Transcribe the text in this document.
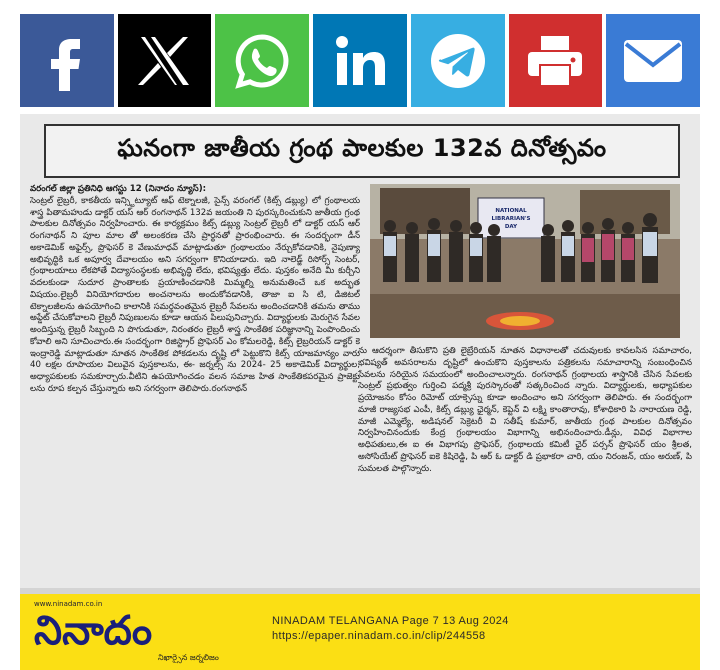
ఘనంగా జాతీయ గ్రంథ పాలకుల 132వ దినోత్సవం
వరంగల్ జిల్లా ప్రతినిధి ఆగస్టు 12 (నినాదం న్యూస్):
సెంట్రల్ లైబ్రరీ, కాకతీయ ఇన్స్టిట్యూట్ ఆఫ్ టెక్నాలజీ, సైన్స్ వరంగల్ (కిట్స్ డబ్ల్యు) లో గ్రంథాలయ శాస్త్ర పితామహుడు డాక్టర్ యస్ ఆర్ రంగనాథన్ 132వ జయంతి ని పురస్కరించుకుని జాతీయ గ్రంథ పాలకుల దినోత్సవం నిర్వహించారు. ఈ కార్యక్రమం కిట్స్ డబ్ల్యు సెంట్రల్ లైబ్రరీ లో డాక్టర్ యస్ ఆర్ రంగనాథన్ ని పూల మాల తో అలంకరణ చేసి ప్రార్థనతో ప్రారంభించారు. ఈ సందర్భంగా డీన్ అకాడెమిక్ అఫైర్స్, ప్రొఫెసర్ కె వేణుమాధవ్ మాట్లాడుతూ గ్రంథాలయం నేర్చుకోవడానికి, నైపుణ్యా అభివృద్ధికి ఒక అపూర్వ దేవాలయం అని సగర్వంగా కొనియాడారు. ఇది నాలెడ్జ్ రిసోర్స్ సెంటర్, గ్రంథాలయాలు లేకపోతే విద్యాసంస్థలకు అభివృద్ధి లేదు, భవిష్యత్తు లేదు. పుస్తకం అనేది మీ కుర్చీని వదలకుండా సుదూర ప్రాంతాలకు ప్రయాణించడానికి మిమ్మల్ని అనుమతించే ఒక అద్భుత విషయం.లైబ్రరీ వినియోగదారుల అంచనాలను అందుకోవడానికి, తాజా ఐ సి టి, డిజిటల్ టెక్నాలజీలను ఉపయోగించి కాలానికి సమర్థవంతమైన లైబ్రరీ సేవలను అందించడానికి తమను తాము అప్డేట్ చేసుకోవాలని లైబ్రరీ నిపుణులను కూడా ఆయన పిలుపునిచ్చారు. విద్యార్థులకు మెరుగైన సేవల అందిస్తున్న లైబ్రరీ సిబ్బంది ని పొగుడుతూ, నిరంతరం లైబ్రరీ శాస్త్ర సాంకేతిక పరిజ్ఞానాన్ని పెంపొందించు కోవాలి అని సూచించారు.ఈ సందర్భంగా రిజిస్ట్రార్ ప్రొఫెసర్ ఎం కోమలరెడ్డి, కిట్స్ లైబ్రరియన్ డాక్టర్ కె ఇంద్రారెడ్డి మాట్లాడుతూ నూతన సాంకేతిక పోకడలను దృష్టి లో పెట్టుకొని కిట్స్ యాజమాన్యం వారు 40 లక్షల రూపాయల విలువైన పుస్తకాలను, ఈ- జర్నల్స్ ను 2024- 25 అకాడెమిక్ విద్యార్థుల, అధ్యాపకులకు సమకూర్చారు.వీటిని ఉపయోగించడం వలన సమాజ హిత సాంకేతికపరమైన ప్రాజెక్టు లను రూప కల్పన చేస్తున్నారు అని సగర్వంగా తెలిపారు.రంగనాథన్
NATIONAL
LIBRARIAN'S
DAY
ను ఆదర్శంగా తీసుకొని ప్రతి లైబ్రేరియన్ నూతన విధానాలతో చదువులకు కావలసిన సమాచారం, భవిష్యత్ అవసరాలను దృష్టిలో ఉంచుకొని పుస్తకాలను పత్రికలను సమాచారాన్ని సంబంధించిన సేవలను సరియైన సమయంలో అందించాలన్నారు. రంగనాథన్ గ్రంథాలయ శాస్త్రానికి చేసిన సేవలకు సెంట్రల్ ప్రభుత్వం గుర్తించి పద్మశ్రీ పురస్కారంతో సత్కరించింద న్నారు. విద్యార్థులకు, అధ్యాపకుల ప్రయోజనం కోసం రిమోట్ యాక్సెస్ను కూడా అందించాం అని సగర్వంగా తెలిపారు. ఈ సందర్భంగా మాజీ రాజ్యసభ ఎంపీ, కిట్స్ డబ్ల్యు ఛైర్మన్, కెప్టెన్ వి లక్ష్మి కాంతారావు, కోశాధికారి పి నారాయణ రెడ్డి, మాజీ ఎమ్మెల్యే, అడిషనల్ సెక్రెటరీ వి సతీష్ కుమార్, జాతీయ గ్రంథ పాలకుల దినోత్సవం నిర్వహించినందుకు కేంద్ర గ్రంథాలయం విభాగాన్ని అభినందించారు.డీన్లు, వివిధ విభాగాల అధిపతులు,ఈ ఐ ఈ విభాగపు ప్రొఫెసర్, గ్రంథాలయ కమిటీ ఛైర్ పర్సన్ ప్రొఫెసర్ యం శ్రీలత, అసోసియేట్ ప్రొఫెసర్ ఐకె కిషిరెడ్డి, పి ఆర్ ఓ డాక్టర్ డి ప్రభాకరా చారి, యం నిరంజన్, యం అరుణ్, పి సుమలత పాల్గొన్నారు.
www.ninadam.co.in
నినాదం
నిఖార్సైన జర్నలిజం
NINADAM TELANGANA Page 7 13 Aug 2024
https://epaper.ninadam.co.in/clip/244558
